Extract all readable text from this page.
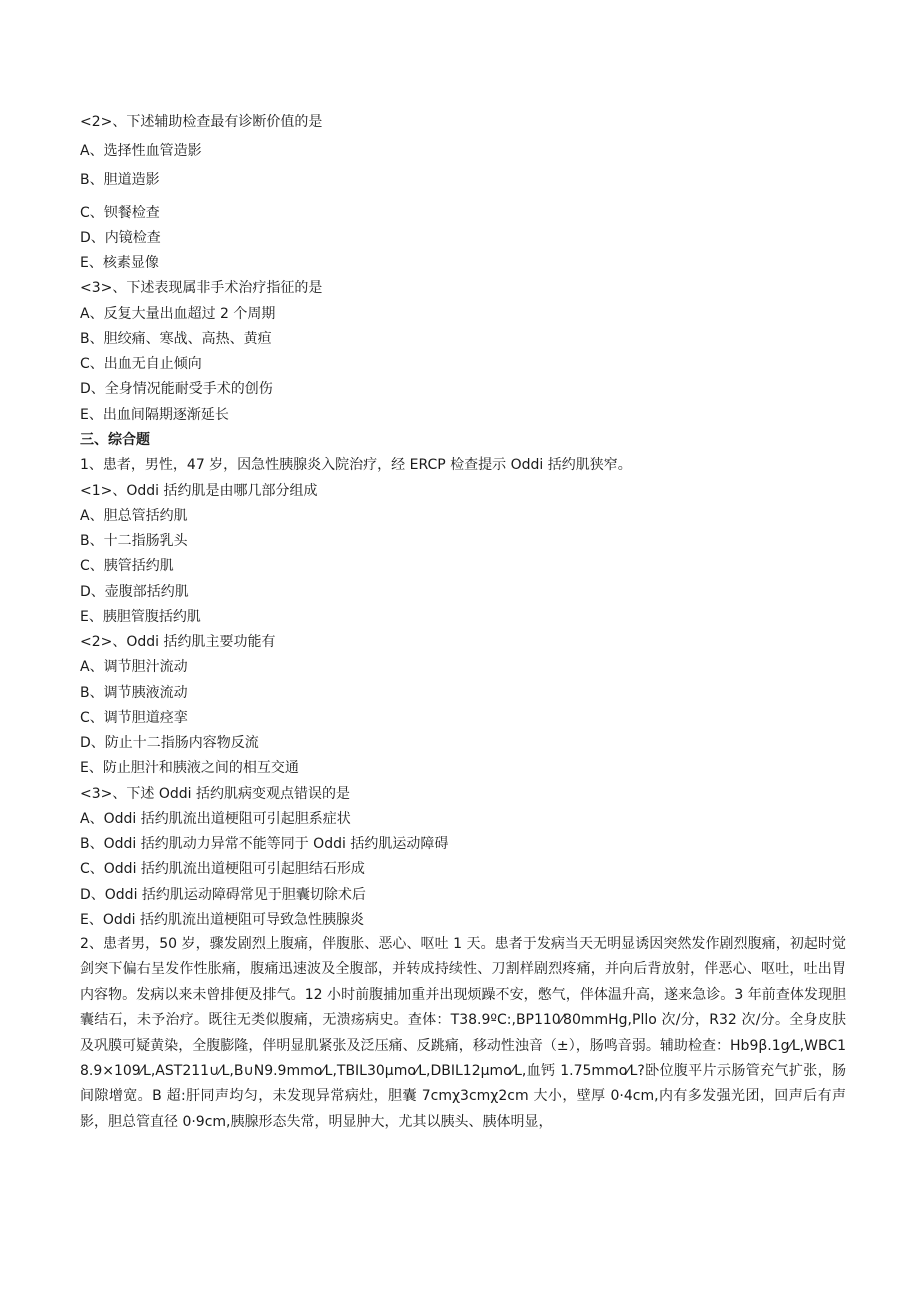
<2>、下述辅助检查最有诊断价值的是
A、选择性血管造影
B、胆道造影
C、钡餐检查
D、内镜检查
E、核素显像
<3>、下述表现属非手术治疗指征的是
A、反复大量出血超过 2 个周期
B、胆绞痛、寒战、高热、黄疸
C、出血无自止倾向
D、全身情况能耐受手术的创伤
E、出血间隔期逐渐延长
三、综合题
1、患者，男性，47 岁，因急性胰腺炎入院治疗，经 ERCP 检查提示 Oddi 括约肌狭窄。
<1>、Oddi 括约肌是由哪几部分组成
A、胆总管括约肌
B、十二指肠乳头
C、胰管括约肌
D、壶腹部括约肌
E、胰胆管腹括约肌
<2>、Oddi 括约肌主要功能有
A、调节胆汁流动
B、调节胰液流动
C、调节胆道痉挛
D、防止十二指肠内容物反流
E、防止胆汁和胰液之间的相互交通
<3>、下述 Oddi 括约肌病变观点错误的是
A、Oddi 括约肌流出道梗阻可引起胆系症状
B、Oddi 括约肌动力异常不能等同于 Oddi 括约肌运动障碍
C、Oddi 括约肌流出道梗阻可引起胆结石形成
D、Oddi 括约肌运动障碍常见于胆囊切除术后
E、Oddi 括约肌流出道梗阻可导致急性胰腺炎
2、患者男，50 岁，骤发剧烈上腹痛，伴腹胀、恶心、呕吐 1 天。患者于发病当天无明显诱因突然发作剧烈腹痛，初起时觉剑突下偏右呈发作性胀痛，腹痛迅速波及全腹部，并转成持续性、刀割样剧烈疼痛，并向后背放射，伴恶心、呕吐，吐出胃内容物。发病以来未曾排便及排气。12 小时前腹捕加重并出现烦躁不安，憋气，伴体温升高，遂来急诊。3 年前查体发现胆囊结石，未予治疗。既往无类似腹痛，无溃疡病史。查体：T38.9ºC:,BP110⁄80mmHg,Pllo 次/分，R32 次/分。全身皮肤及巩膜可疑黄染，全腹膨隆，伴明显肌紧张及泛压痛、反跳痛，移动性浊音（±），肠鸣音弱。辅助检查：Hb9β.1g⁄L,WBC18.9×109⁄L,AST211∪⁄L,B∪N9.9mmo⁄L,TBIL30μmo⁄L,DBIL12μmo⁄L,血钙 1.75mmo⁄L?卧位腹平片示肠管充气扩张，肠间隙增宽。B 超:肝同声均匀，未发现异常病灶，胆囊 7cmχ3cmχ2cm 大小，壁厚 0·4cm,内有多发强光团，回声后有声影，胆总管直径 0·9cm,胰腺形态失常，明显肿大，尤其以胰头、胰体明显，
